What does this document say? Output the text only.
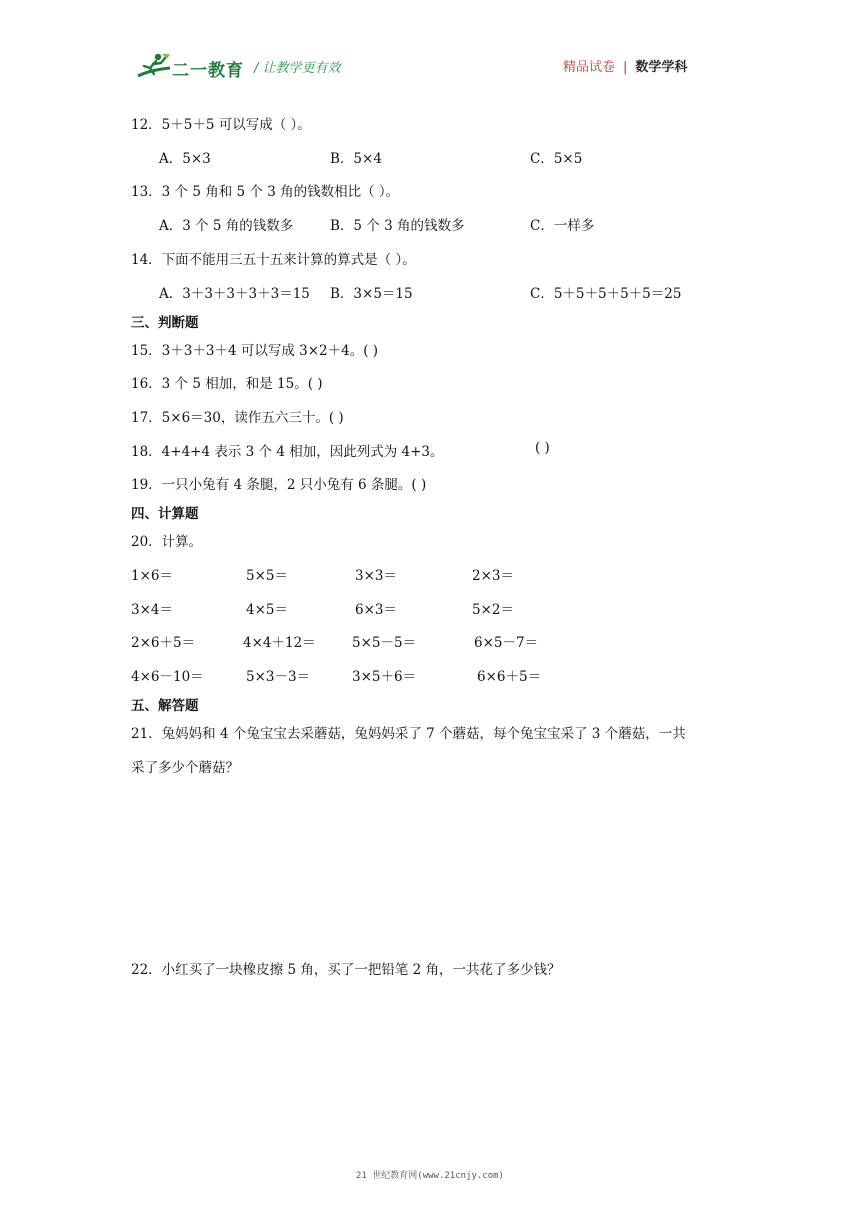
二一教育 / 让教学更有效	精品试卷 | 数学学科
12．5＋5＋5 可以写成（ ）。
A．5×3	B．5×4	C．5×5
13．3 个 5 角和 5 个 3 角的钱数相比（ ）。
A．3 个 5 角的钱数多	B．5 个 3 角的钱数多	C．一样多
14．下面不能用三五十五来计算的算式是（ ）。
A．3＋3＋3＋3＋3＝15 B．3×5＝15	C．5＋5＋5＋5＋5＝25
三、判断题
15．3＋3＋3＋4 可以写成 3×2＋4。( )
16．3 个 5 相加，和是 15。( )
17．5×6＝30，读作五六三十。( )
18．4+4+4 表示 3 个 4 相加，因此列式为 4+3。	( )
19．一只小兔有 4 条腿，2 只小兔有 6 条腿。( )
四、计算题
20．计算。
1×6＝	5×5＝	3×3＝	2×3＝
3×4＝	4×5＝	6×3＝	5×2＝
2×6＋5＝	4×4＋12＝	5×5－5＝	6×5－7＝
4×6－10＝	5×3－3＝	3×5＋6＝	6×6＋5＝
五、解答题
21．兔妈妈和 4 个兔宝宝去采蘑菇，兔妈妈采了 7 个蘑菇，每个兔宝宝采了 3 个蘑菇，一共
采了多少个蘑菇？
22．小红买了一块橡皮擦 5 角，买了一把铅笔 2 角，一共花了多少钱？
21 世纪教育网(www.21cnjy.com)
